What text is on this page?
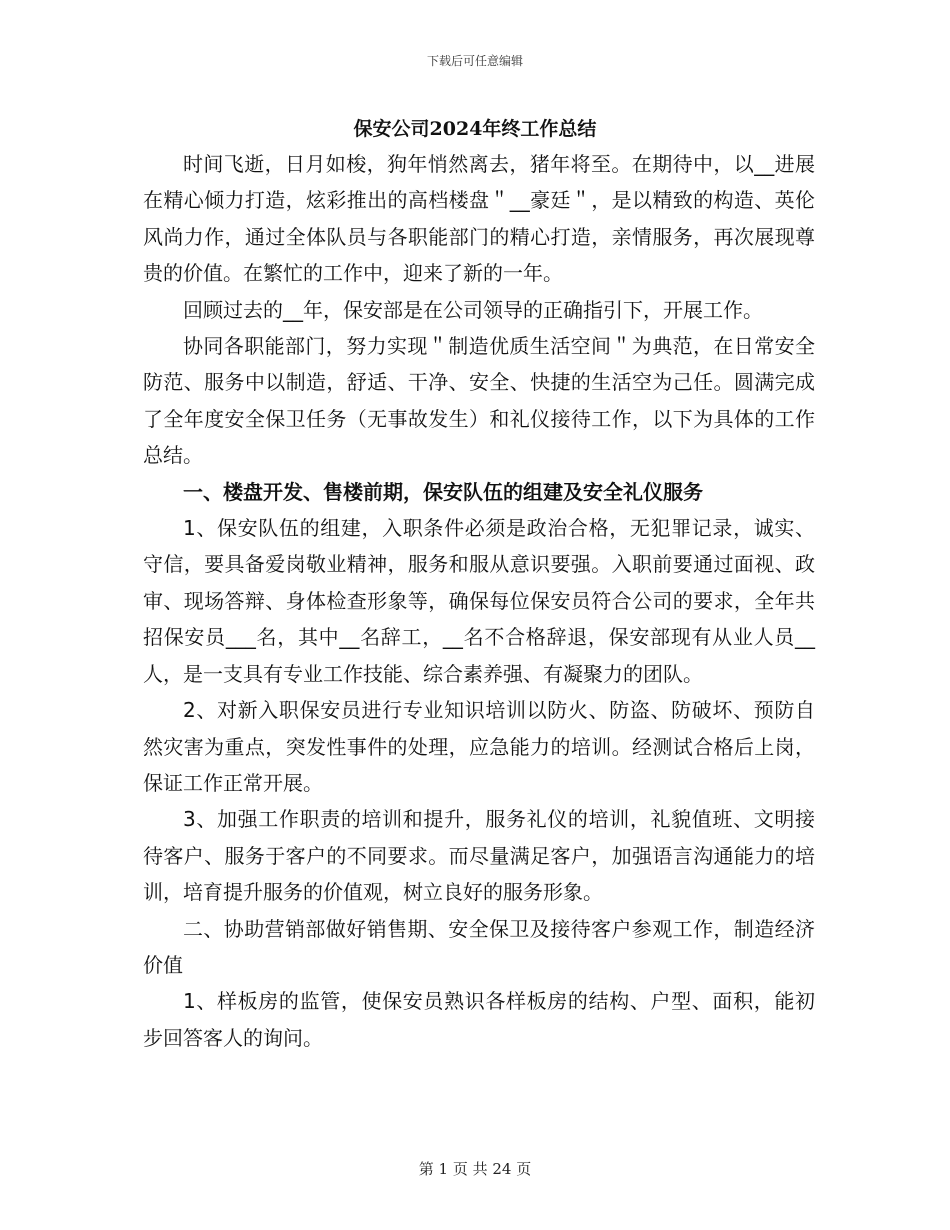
下载后可任意编辑
保安公司2024年终工作总结

时间飞逝，日月如梭，狗年悄然离去，猪年将至。在期待中，以__进展在精心倾力打造，炫彩推出的高档楼盘＂__豪廷＂，是以精致的构造、英伦风尚力作，通过全体队员与各职能部门的精心打造，亲情服务，再次展现尊贵的价值。在繁忙的工作中，迎来了新的一年。

回顾过去的__年，保安部是在公司领导的正确指引下，开展工作。

协同各职能部门，努力实现＂制造优质生活空间＂为典范，在日常安全防范、服务中以制造，舒适、干净、安全、快捷的生活空为己任。圆满完成了全年度安全保卫任务（无事故发生）和礼仪接待工作，以下为具体的工作总结。

一、楼盘开发、售楼前期，保安队伍的组建及安全礼仪服务

1、保安队伍的组建，入职条件必须是政治合格，无犯罪记录，诚实、守信，要具备爱岗敬业精神，服务和服从意识要强。入职前要通过面视、政审、现场答辩、身体检查形象等，确保每位保安员符合公司的要求，全年共招保安员___名，其中__名辞工，__名不合格辞退，保安部现有从业人员__人，是一支具有专业工作技能、综合素养强、有凝聚力的团队。

2、对新入职保安员进行专业知识培训以防火、防盗、防破坏、预防自然灾害为重点，突发性事件的处理，应急能力的培训。经测试合格后上岗，保证工作正常开展。

3、加强工作职责的培训和提升，服务礼仪的培训，礼貌值班、文明接待客户、服务于客户的不同要求。而尽量满足客户，加强语言沟通能力的培训，培育提升服务的价值观，树立良好的服务形象。

二、协助营销部做好销售期、安全保卫及接待客户参观工作，制造经济价值

1、样板房的监管，使保安员熟识各样板房的结构、户型、面积，能初步回答客人的询问。

第 1 页 共 24 页
